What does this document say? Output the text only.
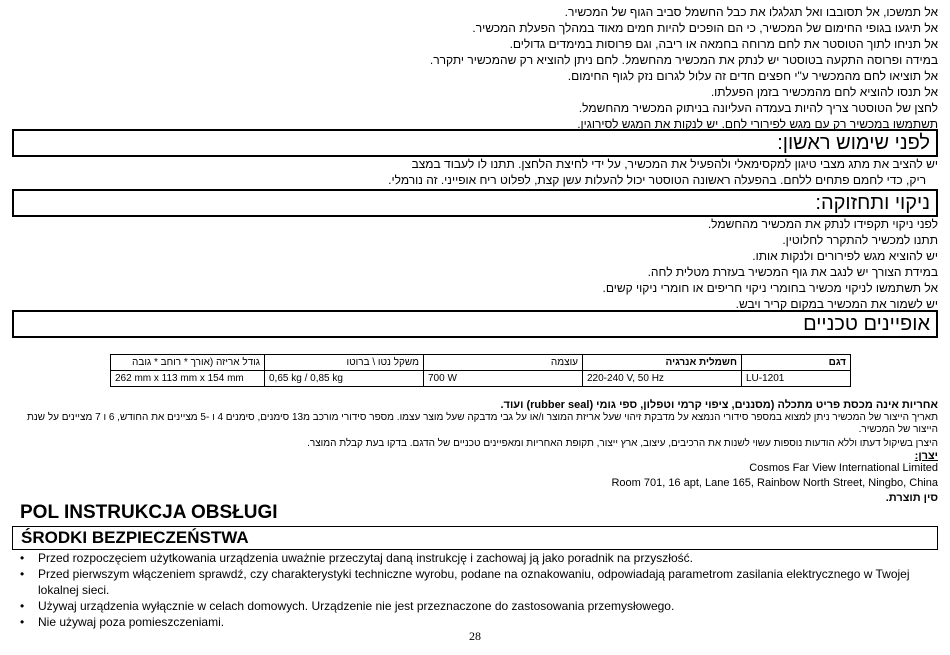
אל תמשכו, אל תסובבו ואל תגלגלו את כבל החשמל סביב הגוף של המכשיר.
אל תיגעו בגופי החימום של המכשיר, כי הם הופכים להיות חמים מאוד במהלך הפעלת המכשיר.
אל תניחו לתוך הטוסטר את לחם מרוחה בחמאה או ריבה, וגם פרוסות במימדים גדולים.
במידה ופרוסה התקעה בטוסטר יש לנתק את המכשיר מהחשמל. לחם ניתן להוציא רק שהמכשיר יתקרר.
אל תוציאו לחם מהמכשיר ע"י חפצים חדים זה עלול לגרום נזק לגוף החימום.
אל תנסו להוציא לחם מהמכשיר בזמן הפעלתו.
לחצן של הטוסטר צריך להיות בעמדה העליונה בניתוק המכשיר מהחשמל.
תשתמשו במכשיר רק עם מגש לפירורי לחם. יש לנקות את המגש לסירוגין.
לפני שימוש ראשון:
יש להציב את מתג מצבי טיגון למקסימאלי ולהפעיל את המכשיר, על ידי לחיצת הלחצן. תתנו לו לעבוד במצב
ריק, כדי לחמם פתחים ללחם. בהפעלה ראשונה הטוסטר יכול להעלות עשן קצת, לפלוט ריח אופייני. זה נורמלי.
ניקוי ותחזוקה:
לפני ניקוי תקפידו לנתק את המכשיר מהחשמל.
תתנו למכשיר להתקרר לחלוטין.
יש להוציא מגש לפירורים ולנקות אותו.
במידת הצורך יש לנגב את גוף המכשיר בעזרת מטלית לחה.
אל תשתמשו לניקוי מכשיר בחומרי ניקוי חריפים או חומרי ניקוי קשים.
יש לשמור את המכשיר במקום קריר ויבש.
אופיינים טכניים
דגם	חשמלית אנרגיה	עוצמה	משקל נטו \ ברוטו	גודל אריזה (אורך * רוחב * גובה
LU-1201	220-240 V, 50 Hz	700 W	0,65 kg / 0,85 kg	262 mm x 113 mm x 154 mm
אחריות אינה מכסת פריט מתכלה (מסננים, ציפוי קרמי וטפלון, ספי גומי (rubber seal) ועוד.
תאריך הייצור של המכשיר ניתן למצוא במספר סידורי הנמצא על מדבקת זיהוי שעל אריזת המוצר ו/או על גבי מדבקה שעל מוצר עצמו. מספר סידורי מורכב מ13 סימנים, סימנים 4 ו -5 מציינים את החודש, 6 ו 7 מציינים על שנת
הייצור של המכשיר.
היצרן בשיקול דעתו וללא הודעות נוספות עשוי לשנות את הרכיבים, עיצוב, ארץ ייצור, תקופת האחריות ומאפיינים טכניים של הדגם. בדקו בעת קבלת המוצר.
יצרן:
Cosmos Far View International Limited
Room 701, 16 apt, Lane 165, Rainbow North Street, Ningbo, China
סין תוצרת.
POL INSTRUKCJA OBSŁUGI
ŚRODKI BEZPIECZEŃSTWA
• Przed rozpoczęciem użytkowania urządzenia uważnie przeczytaj daną instrukcję i zachowaj ją jako poradnik na przyszłość.
• Przed pierwszym włączeniem sprawdź, czy charakterystyki techniczne wyrobu, podane na oznakowaniu, odpowiadają parametrom zasilania elektrycznego w Twojej lokalnej sieci.
• Używaj urządzenia wyłącznie w celach domowych. Urządzenie nie jest przeznaczone do zastosowania przemysłowego.
• Nie używaj poza pomieszczeniami.
28
